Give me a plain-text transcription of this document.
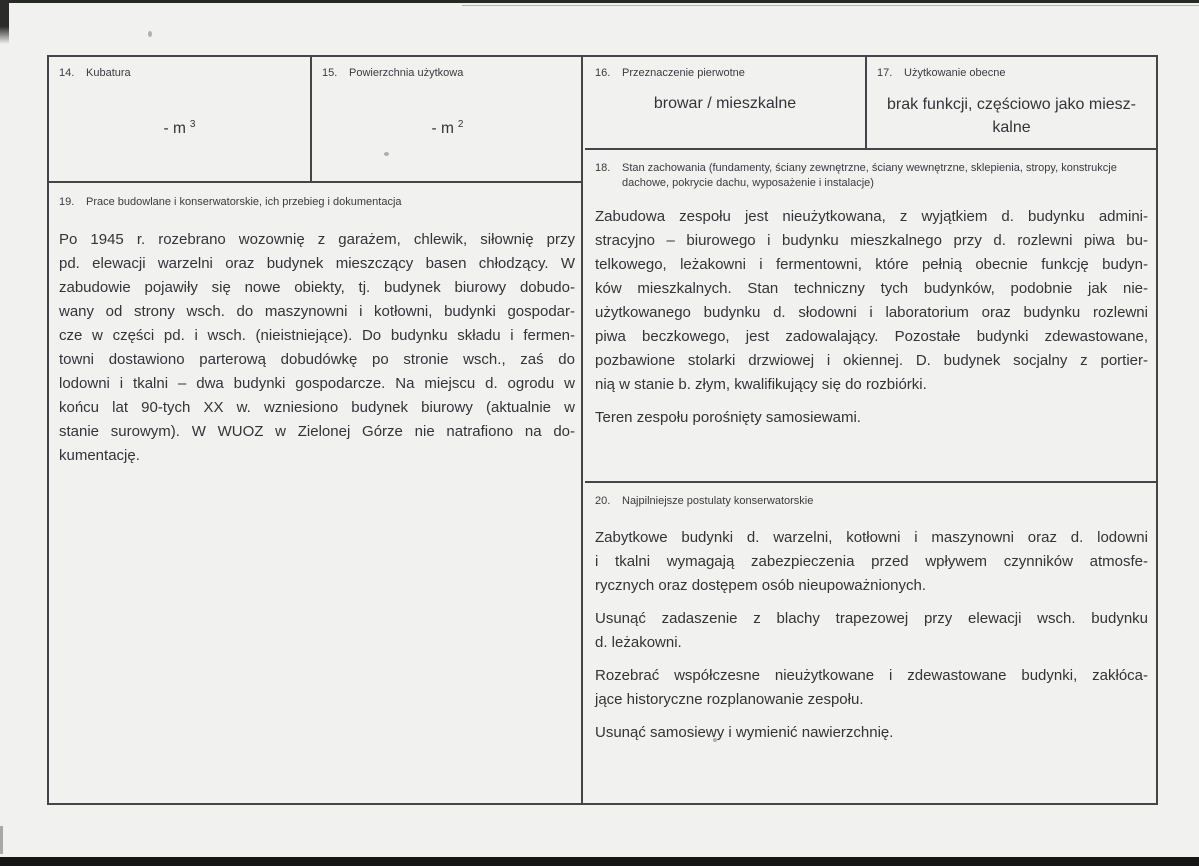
14.	Kubatura
- m $^3$
15.	Powierzchnia użytkowa
- m $^2$
19.	Prace budowlane i konserwatorskie, ich przebieg i dokumentacja
Po 1945 r. rozebrano wozownię z garażem, chlewik, siłownię przy
pd. elewacji warzelni oraz budynek mieszczący basen chłodzący. W
zabudowie pojawiły się nowe obiekty, tj. budynek biurowy dobudo-
wany od strony wsch. do maszynowni i kotłowni, budynki gospodar-
cze w części pd. i wsch. (nieistniejące). Do budynku składu i fermen-
towni dostawiono parterową dobudówkę po stronie wsch., zaś do
lodowni i tkalni – dwa budynki gospodarcze. Na miejscu d. ogrodu w
końcu lat 90-tych XX w. wzniesiono budynek biurowy (aktualnie w
stanie surowym). W WUOZ w Zielonej Górze nie natrafiono na do-
kumentację.
16.	Przeznaczenie pierwotne
browar / mieszkalne
17.	Użytkowanie obecne
brak funkcji, częściowo jako miesz-
kalne
18.	Stan zachowania (fundamenty, ściany zewnętrzne, ściany wewnętrzne, sklepienia, stropy, konstrukcje dachowe, pokrycie dachu, wyposażenie i instalacje)
Zabudowa zespołu jest nieużytkowana, z wyjątkiem d. budynku admini-
stracyjno – biurowego i budynku mieszkalnego przy d. rozlewni piwa bu-
telkowego, leżakowni i fermentowni, które pełnią obecnie funkcję budyn-
ków mieszkalnych. Stan techniczny tych budynków, podobnie jak nie-
użytkowanego budynku d. słodowni i laboratorium oraz budynku rozlewni
piwa beczkowego, jest zadowalający. Pozostałe budynki zdewastowane,
pozbawione stolarki drzwiowej i okiennej. D. budynek socjalny z portier-
nią w stanie b. złym, kwalifikujący się do rozbiórki.
Teren zespołu porośnięty samosiewami.
20.	Najpilniejsze postulaty konserwatorskie
Zabytkowe budynki d. warzelni, kotłowni i maszynowni oraz d. lodowni
i tkalni wymagają zabezpieczenia przed wpływem czynników atmosfe-
rycznych oraz dostępem osób nieupoważnionych.
Usunąć zadaszenie z blachy trapezowej przy elewacji wsch. budynku
d. leżakowni.
Rozebrać współczesne nieużytkowane i zdewastowane budynki, zakłóca-
jące historyczne rozplanowanie zespołu.
Usunąć samosiewy i wymienić nawierzchnię.
